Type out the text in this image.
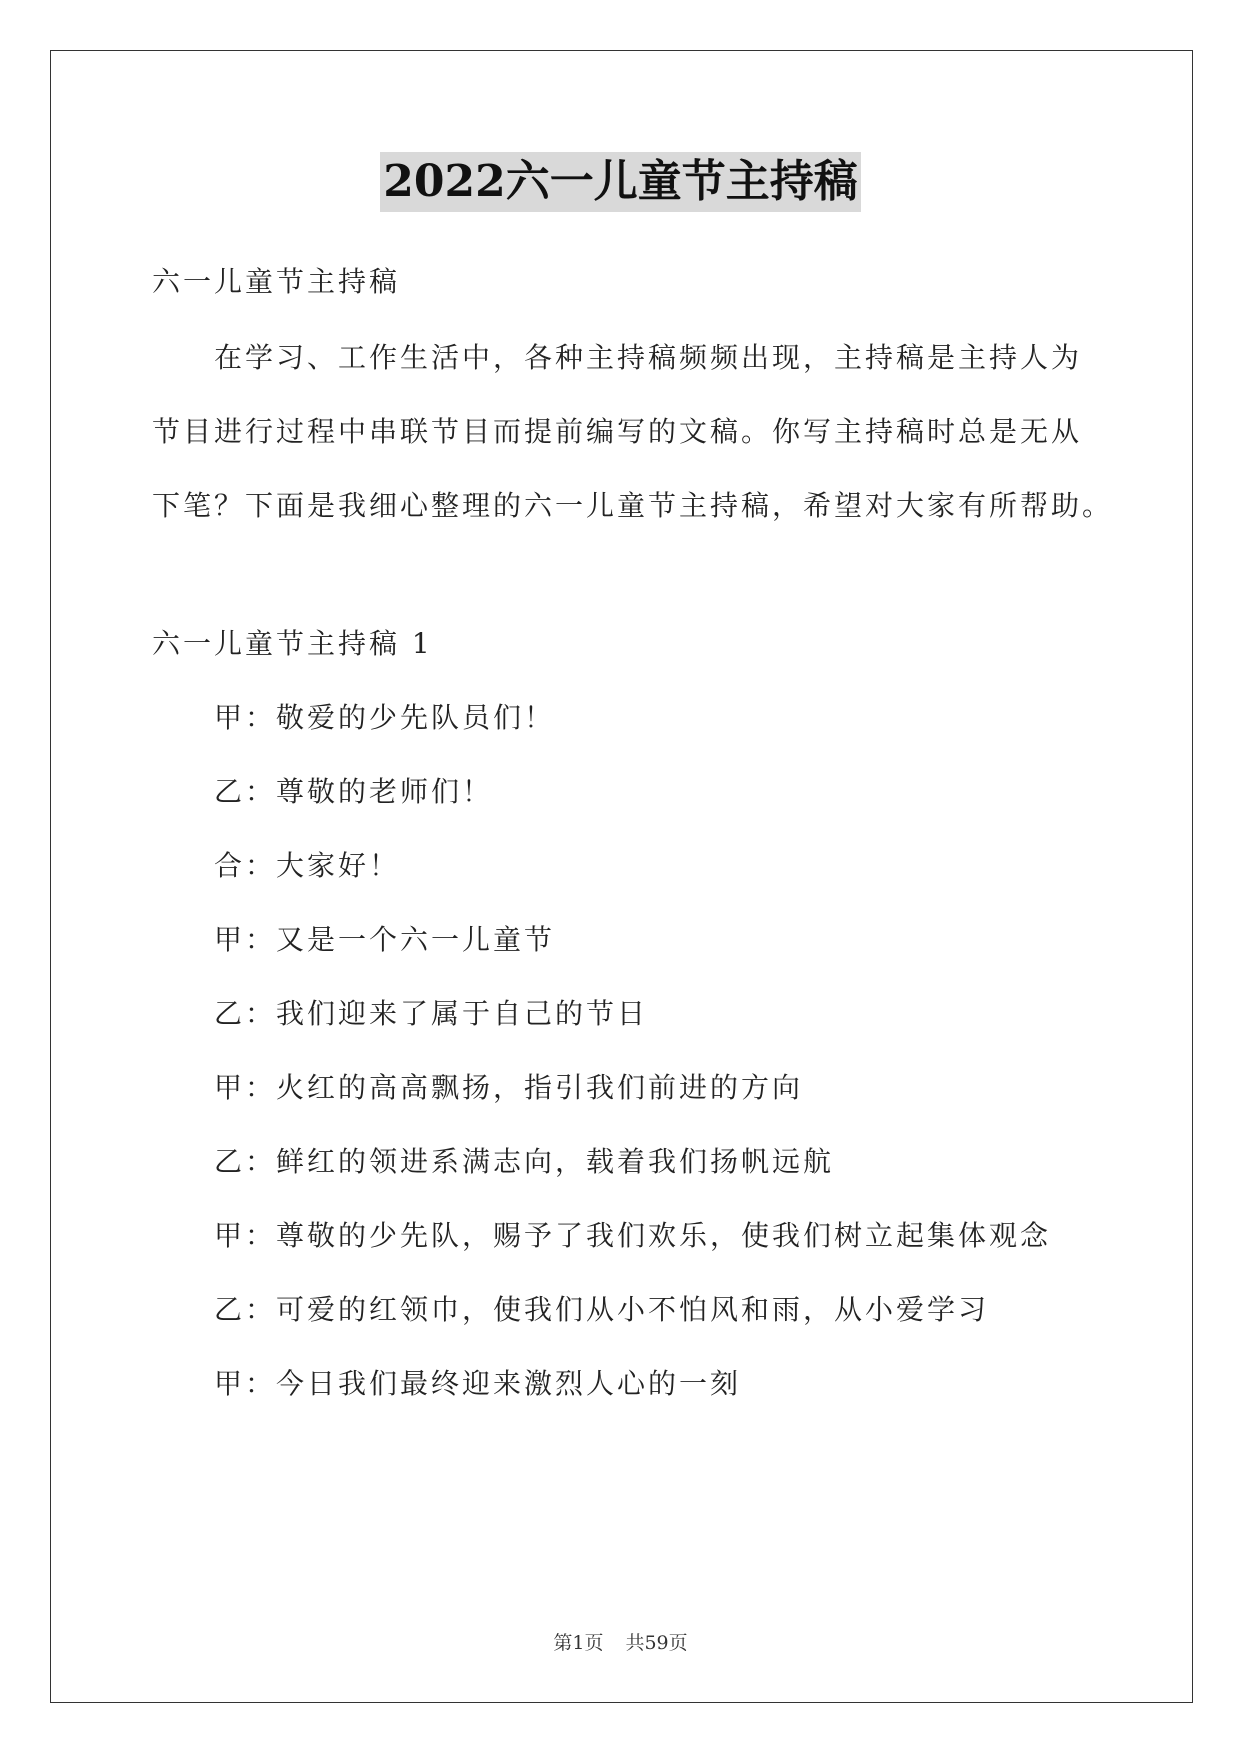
2022六一儿童节主持稿
六一儿童节主持稿
在学习、工作生活中，各种主持稿频频出现，主持稿是主持人为
节目进行过程中串联节目而提前编写的文稿。你写主持稿时总是无从
下笔？下面是我细心整理的六一儿童节主持稿，希望对大家有所帮助。
六一儿童节主持稿 1
甲：敬爱的少先队员们！
乙：尊敬的老师们！
合：大家好！
甲：又是一个六一儿童节
乙：我们迎来了属于自己的节日
甲：火红的高高飘扬，指引我们前进的方向
乙：鲜红的领进系满志向，载着我们扬帆远航
甲：尊敬的少先队，赐予了我们欢乐，使我们树立起集体观念
乙：可爱的红领巾，使我们从小不怕风和雨，从小爱学习
甲：今日我们最终迎来激烈人心的一刻
第1页 共59页
